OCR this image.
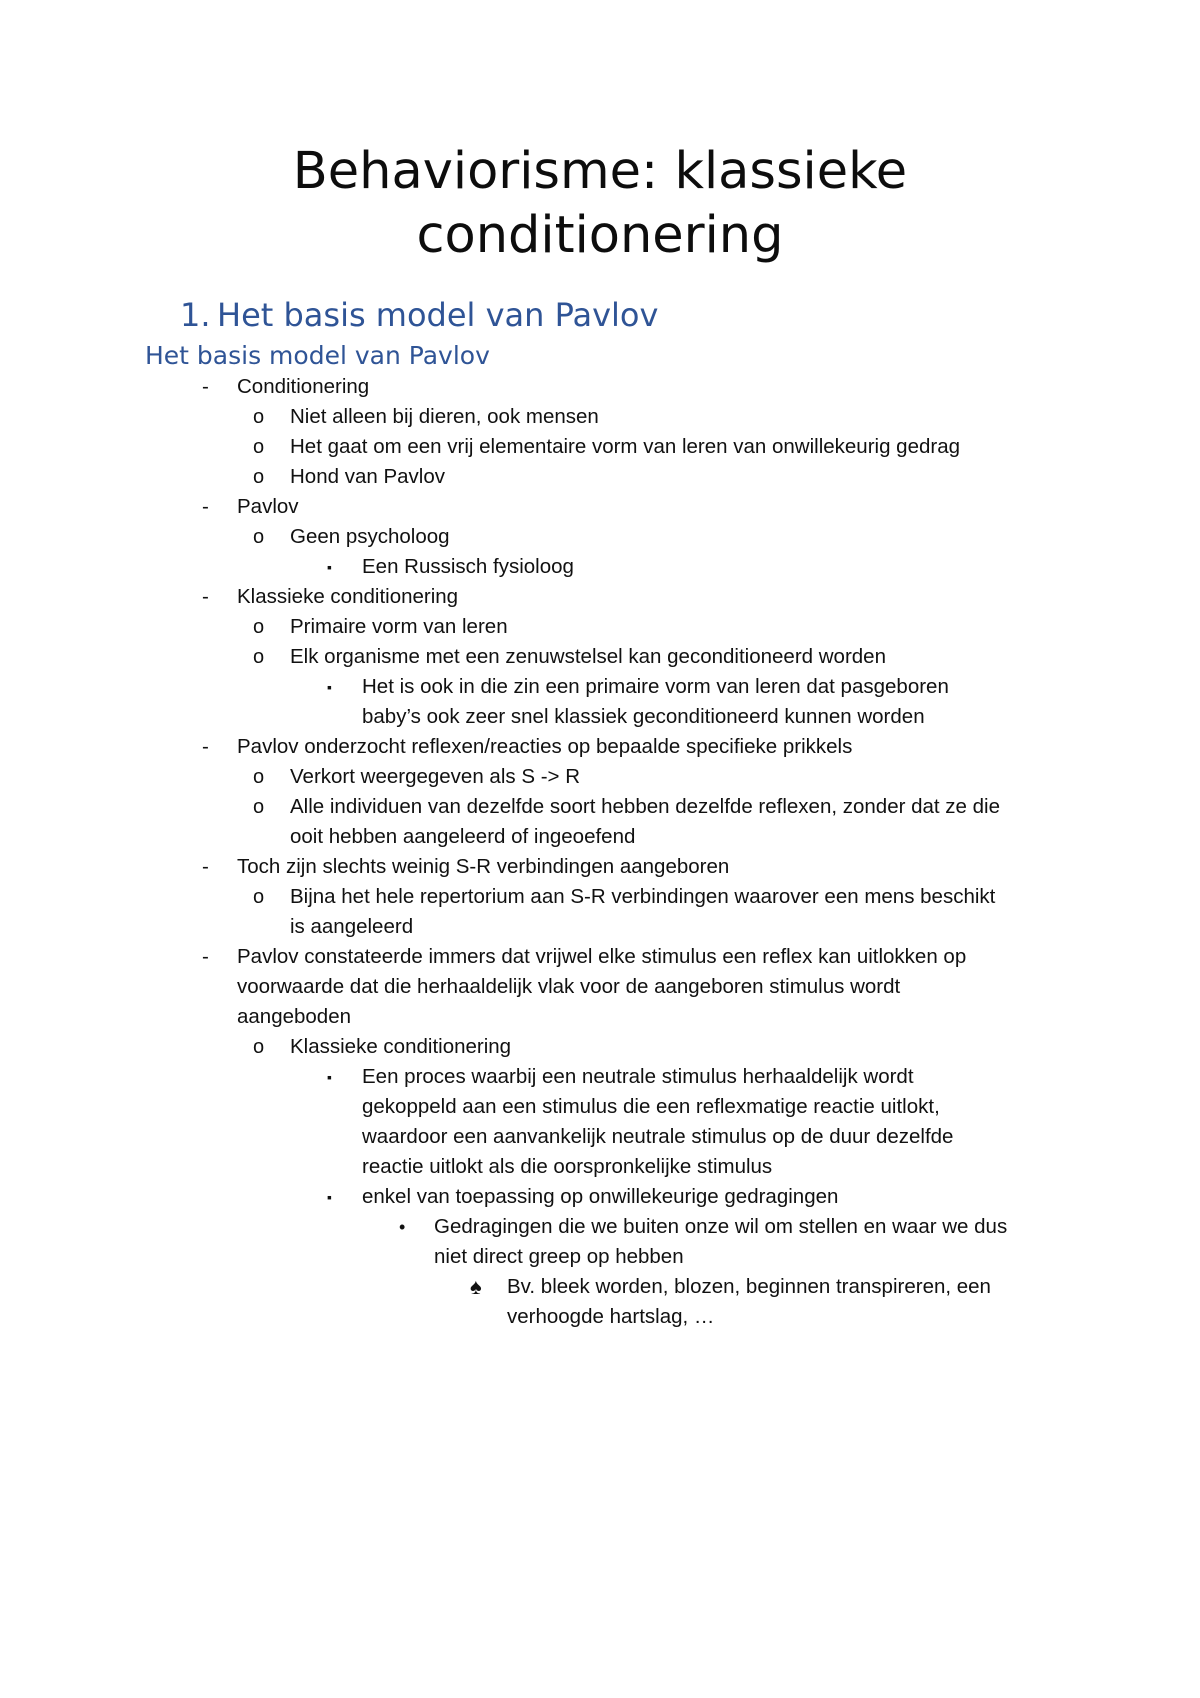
Behaviorisme: klassieke
conditionering
1. Het basis model van Pavlov
Het basis model van Pavlov
- Conditionering
o Niet alleen bij dieren, ook mensen
o Het gaat om een vrij elementaire vorm van leren van onwillekeurig gedrag
o Hond van Pavlov
- Pavlov
o Geen psycholoog
▪ Een Russisch fysioloog
- Klassieke conditionering
o Primaire vorm van leren
o Elk organisme met een zenuwstelsel kan geconditioneerd worden
▪ Het is ook in die zin een primaire vorm van leren dat pasgeboren
baby’s ook zeer snel klassiek geconditioneerd kunnen worden
- Pavlov onderzocht reflexen/reacties op bepaalde specifieke prikkels
o Verkort weergegeven als S -> R
o Alle individuen van dezelfde soort hebben dezelfde reflexen, zonder dat ze die
ooit hebben aangeleerd of ingeoefend
- Toch zijn slechts weinig S-R verbindingen aangeboren
o Bijna het hele repertorium aan S-R verbindingen waarover een mens beschikt
is aangeleerd
- Pavlov constateerde immers dat vrijwel elke stimulus een reflex kan uitlokken op
voorwaarde dat die herhaaldelijk vlak voor de aangeboren stimulus wordt
aangeboden
o Klassieke conditionering
▪ Een proces waarbij een neutrale stimulus herhaaldelijk wordt
gekoppeld aan een stimulus die een reflexmatige reactie uitlokt,
waardoor een aanvankelijk neutrale stimulus op de duur dezelfde
reactie uitlokt als die oorspronkelijke stimulus
▪ enkel van toepassing op onwillekeurige gedragingen
• Gedragingen die we buiten onze wil om stellen en waar we dus
niet direct greep op hebben
♠ Bv. bleek worden, blozen, beginnen transpireren, een
verhoogde hartslag, …
